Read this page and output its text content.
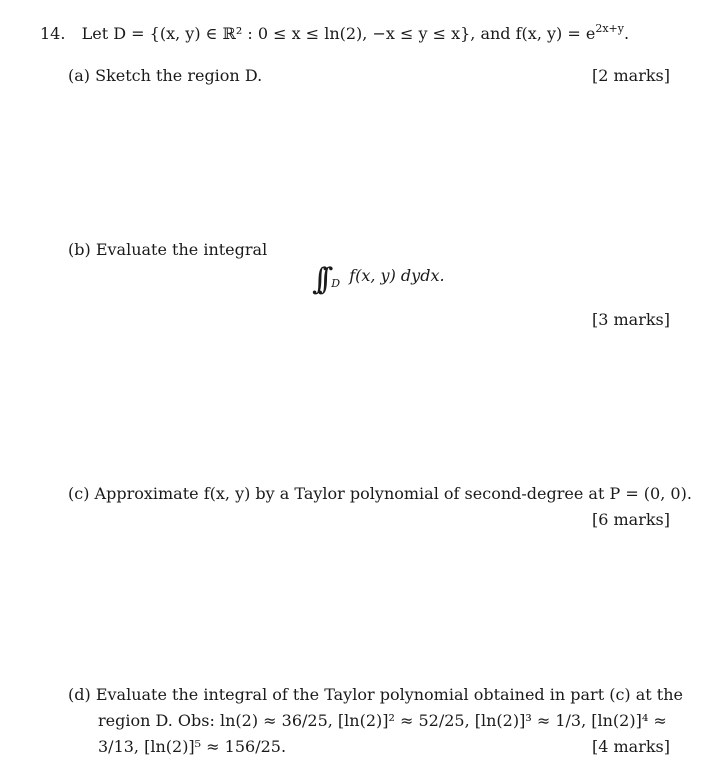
14. Let D = {(x, y) ∈ ℝ² : 0 ≤ x ≤ ln(2), −x ≤ y ≤ x}, and f(x, $y) = e^{2x+y}$.
(a) Sketch the region D.	[2 marks]
(b) Evaluate the integral
∫∫ $_D$ f(x, y) dydx.
[3 marks]
(c) Approximate f(x, y) by a Taylor polynomial of second-degree at P = (0, 0).
[6 marks]
(d) Evaluate the integral of the Taylor polynomial obtained in part (c) at the
region D. Obs: ln(2) ≈ 36/25, [ln(2)]² ≈ 52/25, [ln(2)]³ ≈ 1/3, [ln(2)]⁴ ≈
3/13, [ln(2)]⁵ ≈ 156/25.	[4 marks]
